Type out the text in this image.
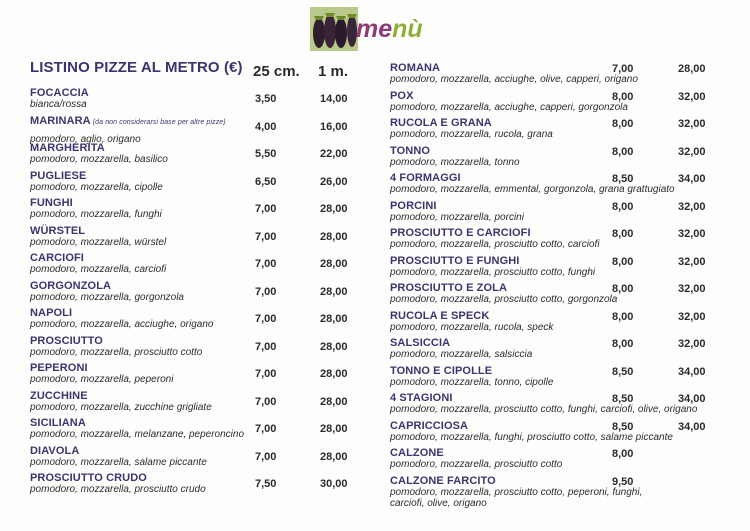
menù
LISTINO PIZZE AL METRO (€) 25 cm. 1 m.
FOCACCIA
bianca/rossa	3,50	14,00
MARINARA (da non considerarsi base per altre pizze)
pomodoro, aglio, origano
4,00	16,00
MARGHERITA
pomodoro, mozzarella, basilico	5,50	22,00
PUGLIESE
pomodoro, mozzarella, cipolle	6,50	26,00
FUNGHI
pomodoro, mozzarella, funghi	7,00	28,00
WÜRSTEL
pomodoro, mozzarella, würstel	7,00	28,00
CARCIOFI
pomodoro, mozzarella, carciofi	7,00	28,00
GORGONZOLA
pomodoro, mozzarella, gorgonzola	7,00	28,00
NAPOLI
pomodoro, mozzarella, acciughe, origano	7,00	28,00
PROSCIUTTO
pomodoro, mozzarella, prosciutto cotto	7,00	28,00
PEPERONI
pomodoro, mozzarella, peperoni	7,00	28,00
ZUCCHINE
pomodoro, mozzarella, zucchine grigliate	7,00	28,00
SICILIANA
pomodoro, mozzarella, melanzane, peperoncino 7,00	28,00
DIAVOLA
pomodoro, mozzarella, salame piccante	7,00	28,00
PROSCIUTTO CRUDO
pomodoro, mozzarella, prosciutto crudo	7,50	30,00
ROMANA
pomodoro, mozzarella, acciughe, olive, capperi, origano
7,00	28,00
POX
pomodoro, mozzarella, acciughe, capperi, gorgonzola
8,00	32,00
RUCOLA E GRANA
pomodoro, mozzarella, rucola, grana
8,00	32,00
TONNO
pomodoro, mozzarella, tonno
8,00	32,00
4 FORMAGGI
pomodoro, mozzarella, emmental, gorgonzola, grana grattugiato
8,50	34,00
PORCINI
pomodoro, mozzarella, porcini
8,00	32,00
PROSCIUTTO E CARCIOFI
pomodoro, mozzarella, prosciutto cotto, carciofi
8,00	32,00
PROSCIUTTO E FUNGHI
pomodoro, mozzarella, prosciutto cotto, funghi
8,00	32,00
PROSCIUTTO E ZOLA
pomodoro, mozzarella, prosciutto cotto, gorgonzola
8,00	32,00
RUCOLA E SPECK
pomodoro, mozzarella, rucola, speck
8,00	32,00
SALSICCIA
pomodoro, mozzarella, salsiccia
8,00	32,00
TONNO E CIPOLLE
pomodoro, mozzarella, tonno, cipolle
8,50	34,00
4 STAGIONI
pomodoro, mozzarella, prosciutto cotto, funghi, carciofi, olive, origano
8,50	34,00
CAPRICCIOSA
pomodoro, mozzarella, funghi, prosciutto cotto, salame piccante
8,50	34,00
CALZONE
pomodoro, mozzarella, prosciutto cotto
8,00
CALZONE FARCITO
pomodoro, mozzarella, prosciutto cotto, peperoni, funghi,
9,50
carciofi, olive, origano
